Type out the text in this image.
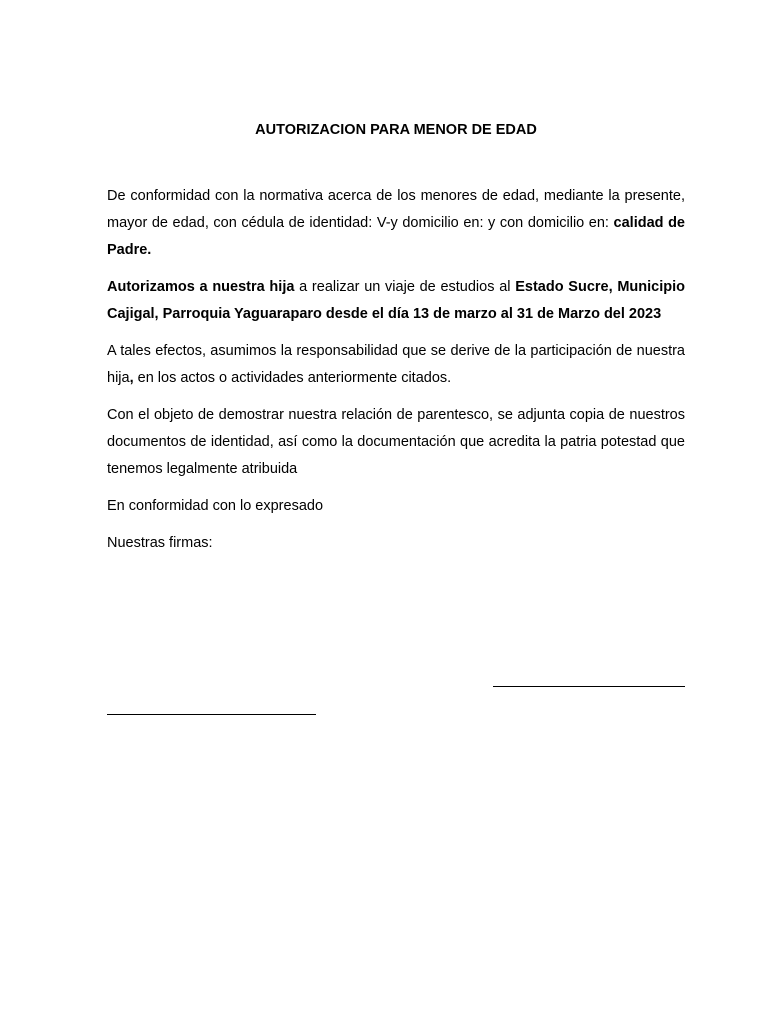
AUTORIZACION PARA MENOR DE EDAD

De conformidad con la normativa acerca de los menores de edad, mediante la presente, mayor de edad, con cédula de identidad: V-y domicilio en: y con domicilio en: calidad de Padre.

Autorizamos a nuestra hija a realizar un viaje de estudios al Estado Sucre, Municipio Cajigal, Parroquia Yaguaraparo desde el día 13 de marzo al 31 de Marzo del 2023

A tales efectos, asumimos la responsabilidad que se derive de la participación de nuestra hija, en los actos o actividades anteriormente citados.

Con el objeto de demostrar nuestra relación de parentesco, se adjunta copia de nuestros documentos de identidad, así como la documentación que acredita la patria potestad que tenemos legalmente atribuida

En conformidad con lo expresado

Nuestras firmas:
